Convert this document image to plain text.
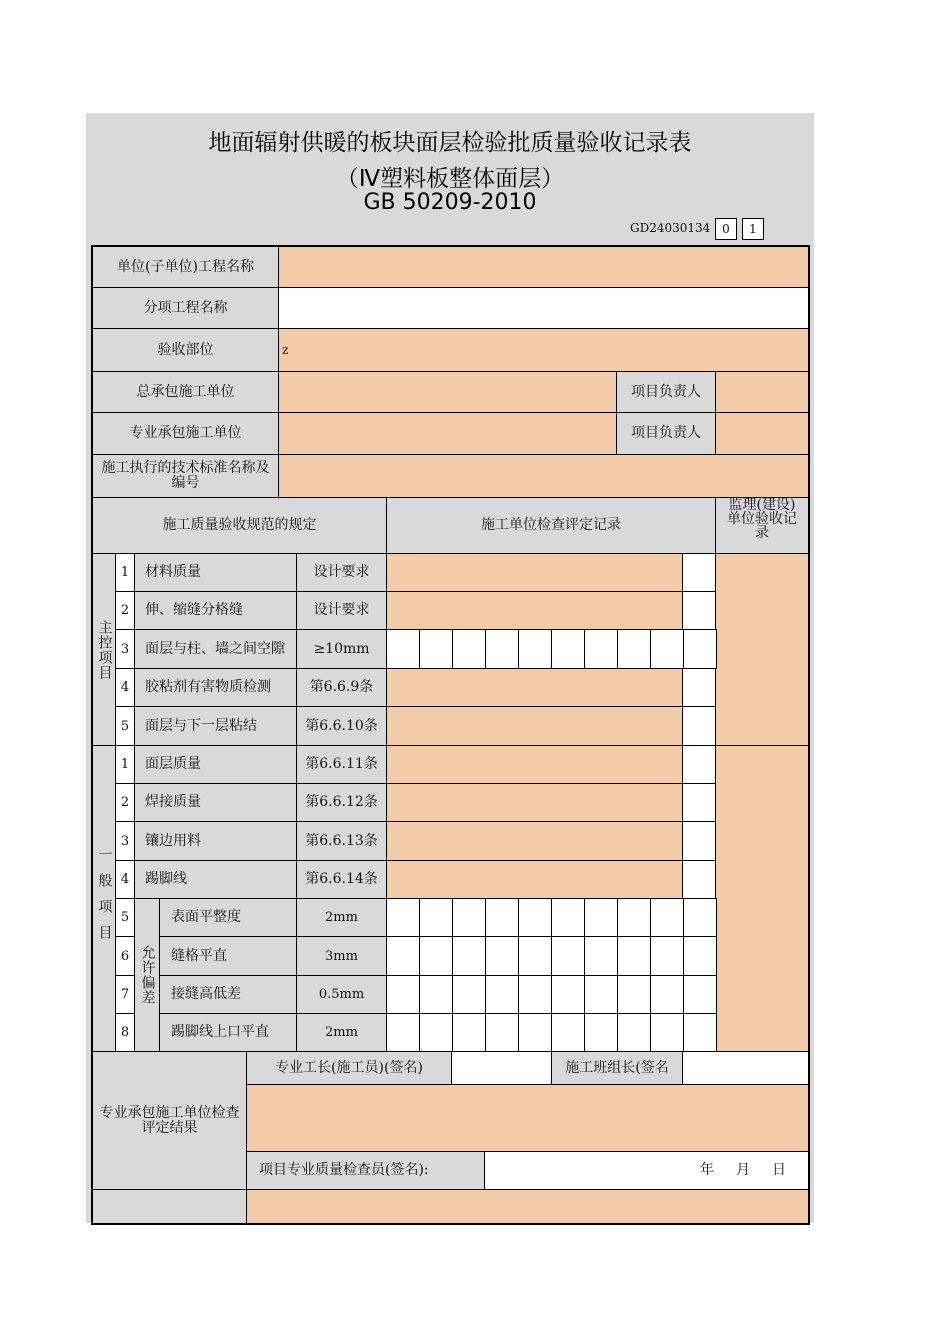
地面辐射供暖的板块面层检验批质量验收记录表
（Ⅳ塑料板整体面层）
GB 50209-2010
GD24030134 0	1
单位(子单位)工程名称
分项工程名称
验收部位	z
总承包施工单位	项目负责人
专业承包施工单位	项目负责人
施工执行的技术标准名称及编号
施工质量验收规范的规定	施工单位检查评定记录
监理(建设)单位验收记录
主控项目
1	材料质量	设计要求
2	伸、缩缝分格缝	设计要求
3	面层与柱、墙之间空隙	≥10mm
4	胶粘剂有害物质检测	第6.6.9条
5	面层与下一层粘结	第6.6.10条
一般项目
允许偏差
1	面层质量	第6.6.11条
2	焊接质量	第6.6.12条
3	镶边用料	第6.6.13条
4	踢脚线	第6.6.14条
5	表面平整度	2mm
6	缝格平直	3mm
7	接缝高低差	0.5mm
8	踢脚线上口平直	2mm
专业承包施工单位检查评定结果
专业工长(施工员)(签名)	施工班组长(签名
项目专业质量检查员(签名):	年 月 日
